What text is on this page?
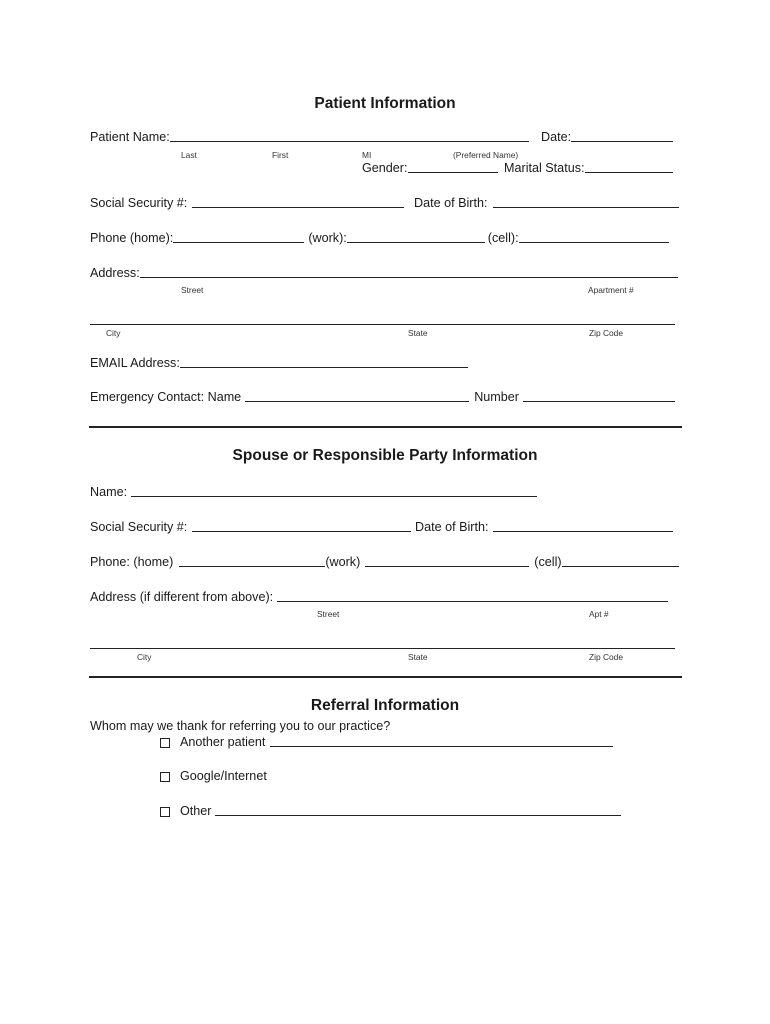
Patient Information
Patient Name:	Date:
Last	First	MI	(Preferred Name)
Gender:	Marital Status:
Social Security #:	Date of Birth:
Phone (home):	(work):	(cell):
Address:
Street	Apartment #
City	State	Zip Code
EMAIL Address:
Emergency Contact: Name	Number
Spouse or Responsible Party Information
Name:
Social Security #:	Date of Birth:
Phone: (home)	(work)	(cell)
Address (if different from above):
Street	Apt #
City	State	Zip Code
Referral Information
Whom may we thank for referring you to our practice?
Another patient
Google/Internet
Other
